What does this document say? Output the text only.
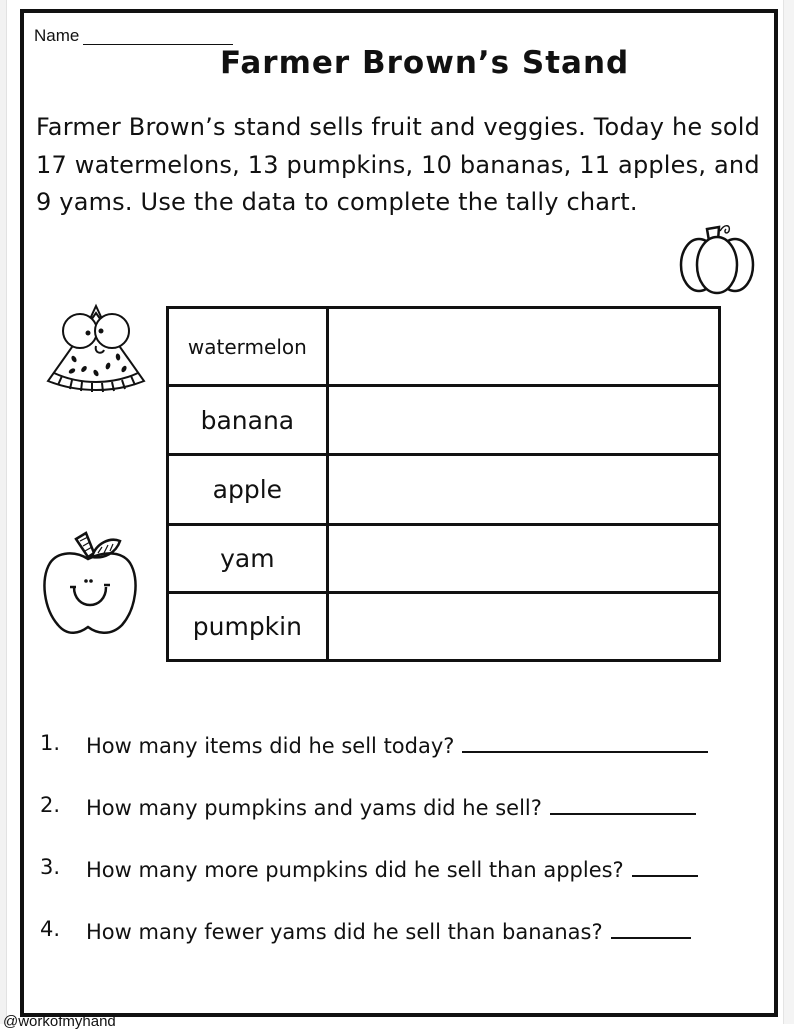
Name
Farmer Brown’s Stand
Farmer Brown’s stand sells fruit and veggies. Today he sold 17 watermelons, 13 pumpkins, 10 bananas, 11 apples, and 9 yams. Use the data to complete the tally chart.
watermelon	
banana	
apple	
yam	
pumpkin	
1. How many items did he sell today?
2. How many pumpkins and yams did he sell?
3. How many more pumpkins did he sell than apples?
4. How many fewer yams did he sell than bananas?
@workofmyhand
